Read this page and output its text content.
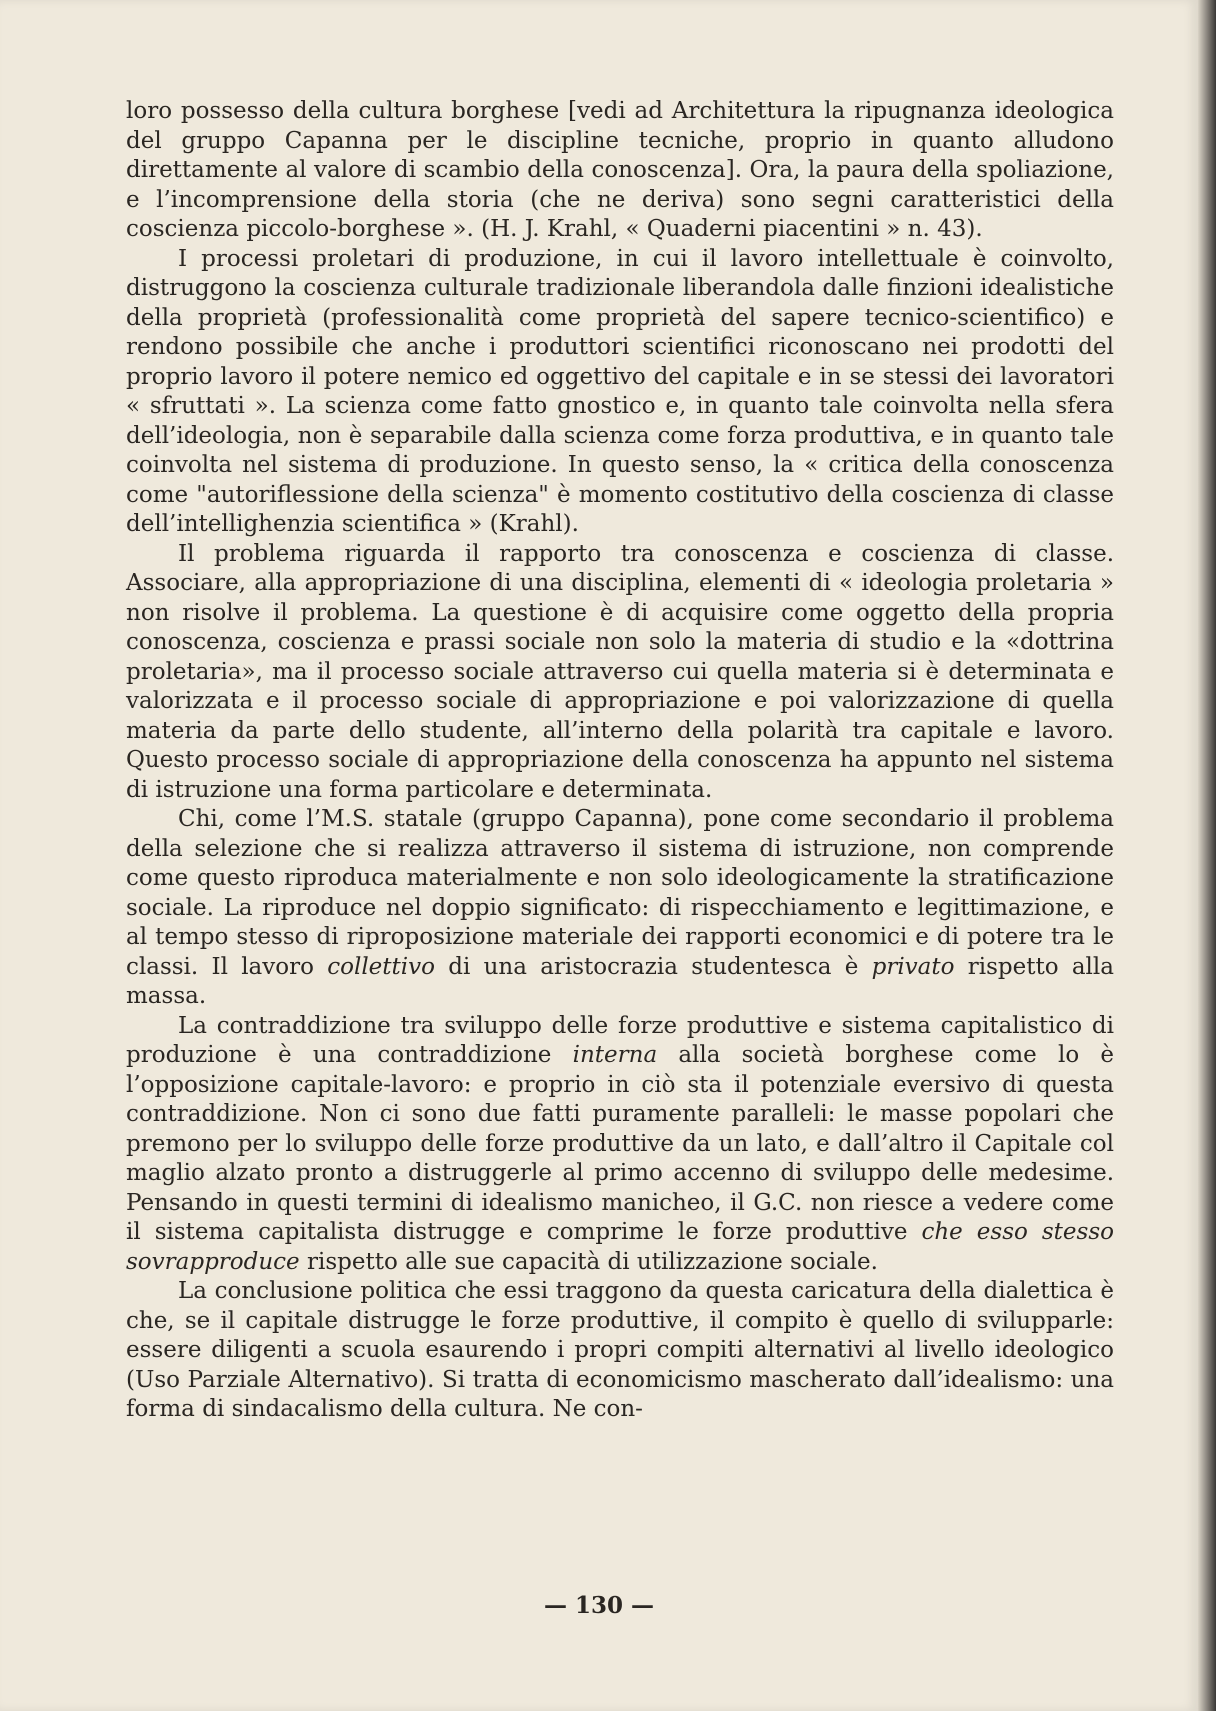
loro possesso della cultura borghese [vedi ad Architettura la ripugnanza ideologica del gruppo Capanna per le discipline tecniche, proprio in quanto alludono direttamente al valore di scambio della conoscenza]. Ora, la paura della spoliazione, e l’incomprensione della storia (che ne deriva) sono segni caratteristici della coscienza piccolo-borghese ». (H. J. Krahl, « Quaderni piacentini » n. 43).

I processi proletari di produzione, in cui il lavoro intellettuale è coinvolto, distruggono la coscienza culturale tradizionale liberandola dalle finzioni idealistiche della proprietà (professionalità come proprietà del sapere tecnico-scientifico) e rendono possibile che anche i produttori scientifici riconoscano nei prodotti del proprio lavoro il potere nemico ed oggettivo del capitale e in se stessi dei lavoratori « sfruttati ». La scienza come fatto gnostico e, in quanto tale coinvolta nella sfera dell’ideologia, non è separabile dalla scienza come forza produttiva, e in quanto tale coinvolta nel sistema di produzione. In questo senso, la « critica della conoscenza come "autoriflessione della scienza" è momento costitutivo della coscienza di classe dell’intellighenzia scientifica » (Krahl).

Il problema riguarda il rapporto tra conoscenza e coscienza di classe. Associare, alla appropriazione di una disciplina, elementi di « ideologia proletaria » non risolve il problema. La questione è di acquisire come oggetto della propria conoscenza, coscienza e prassi sociale non solo la materia di studio e la «dottrina proletaria», ma il processo sociale attraverso cui quella materia si è determinata e valorizzata e il processo sociale di appropriazione e poi valorizzazione di quella materia da parte dello studente, all’interno della polarità tra capitale e lavoro. Questo processo sociale di appropriazione della conoscenza ha appunto nel sistema di istruzione una forma particolare e determinata.

Chi, come l’M.S. statale (gruppo Capanna), pone come secondario il problema della selezione che si realizza attraverso il sistema di istruzione, non comprende come questo riproduca materialmente e non solo ideologicamente la stratificazione sociale. La riproduce nel doppio significato: di rispecchiamento e legittimazione, e al tempo stesso di riproposizione materiale dei rapporti economici e di potere tra le classi. Il lavoro collettivo di una aristocrazia studentesca è privato rispetto alla massa.

La contraddizione tra sviluppo delle forze produttive e sistema capitalistico di produzione è una contraddizione interna alla società borghese come lo è l’opposizione capitale-lavoro: e proprio in ciò sta il potenziale eversivo di questa contraddizione. Non ci sono due fatti puramente paralleli: le masse popolari che premono per lo sviluppo delle forze produttive da un lato, e dall’altro il Capitale col maglio alzato pronto a distruggerle al primo accenno di sviluppo delle medesime. Pensando in questi termini di idealismo manicheo, il G.C. non riesce a vedere come il sistema capitalista distrugge e comprime le forze produttive che esso stesso sovrapproduce rispetto alle sue capacità di utilizzazione sociale.

La conclusione politica che essi traggono da questa caricatura della dialettica è che, se il capitale distrugge le forze produttive, il compito è quello di svilupparle: essere diligenti a scuola esaurendo i propri compiti alternativi al livello ideologico (Uso Parziale Alternativo). Si tratta di economicismo mascherato dall’idealismo: una forma di sindacalismo della cultura. Ne con-

— 130 —
